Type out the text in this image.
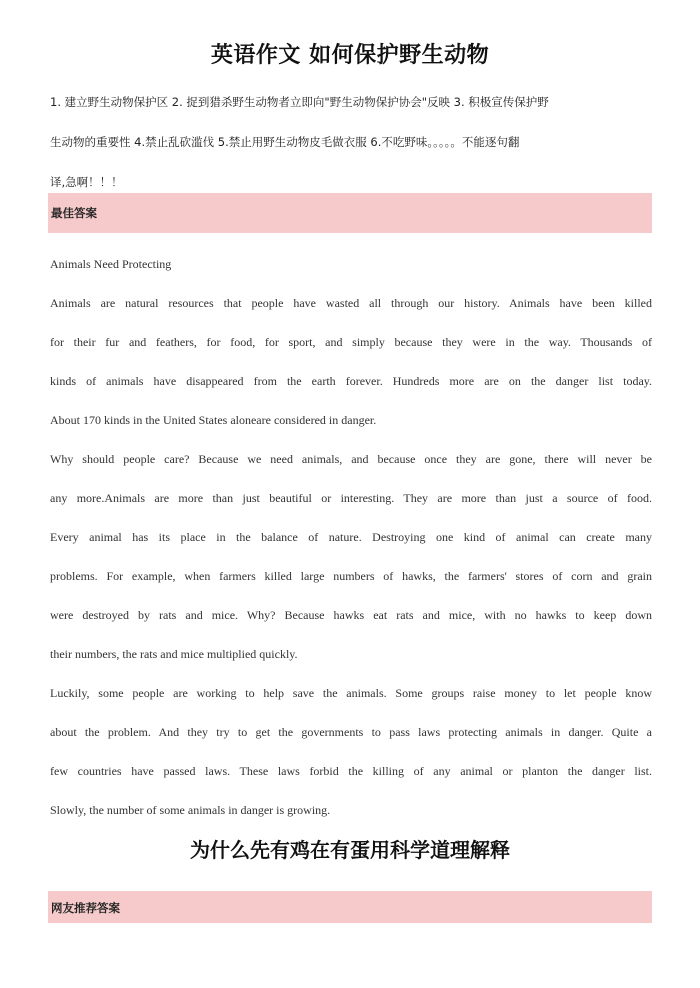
英语作文 如何保护野生动物
1. 建立野生动物保护区 2. 捉到猎杀野生动物者立即向"野生动物保护协会"反映 3. 积极宣传保护野
生动物的重要性 4.禁止乱砍滥伐 5.禁止用野生动物皮毛做衣服 6.不吃野味。。。。。不能逐句翻
译,急啊！！！
最佳答案
Animals Need Protecting
Animals are natural resources that people have wasted all through our history. Animals have been killed
for their fur and feathers, for food, for sport, and simply because they were in the way. Thousands of
kinds of animals have disappeared from the earth forever. Hundreds more are on the danger list today.
About 170 kinds in the United States aloneare considered in danger.
Why should people care? Because we need animals, and because once they are gone, there will never be
any more.Animals are more than just beautiful or interesting. They are more than just a source of food.
Every animal has its place in the balance of nature. Destroying one kind of animal can create many
problems. For example, when farmers killed large numbers of hawks, the farmers' stores of corn and grain
were destroyed by rats and mice. Why? Because hawks eat rats and mice, with no hawks to keep down
their numbers, the rats and mice multiplied quickly.
Luckily, some people are working to help save the animals. Some groups raise money to let people know
about the problem. And they try to get the governments to pass laws protecting animals in danger. Quite a
few countries have passed laws. These laws forbid the killing of any animal or planton the danger list.
Slowly, the number of some animals in danger is growing.
为什么先有鸡在有蛋用科学道理解释
网友推荐答案
